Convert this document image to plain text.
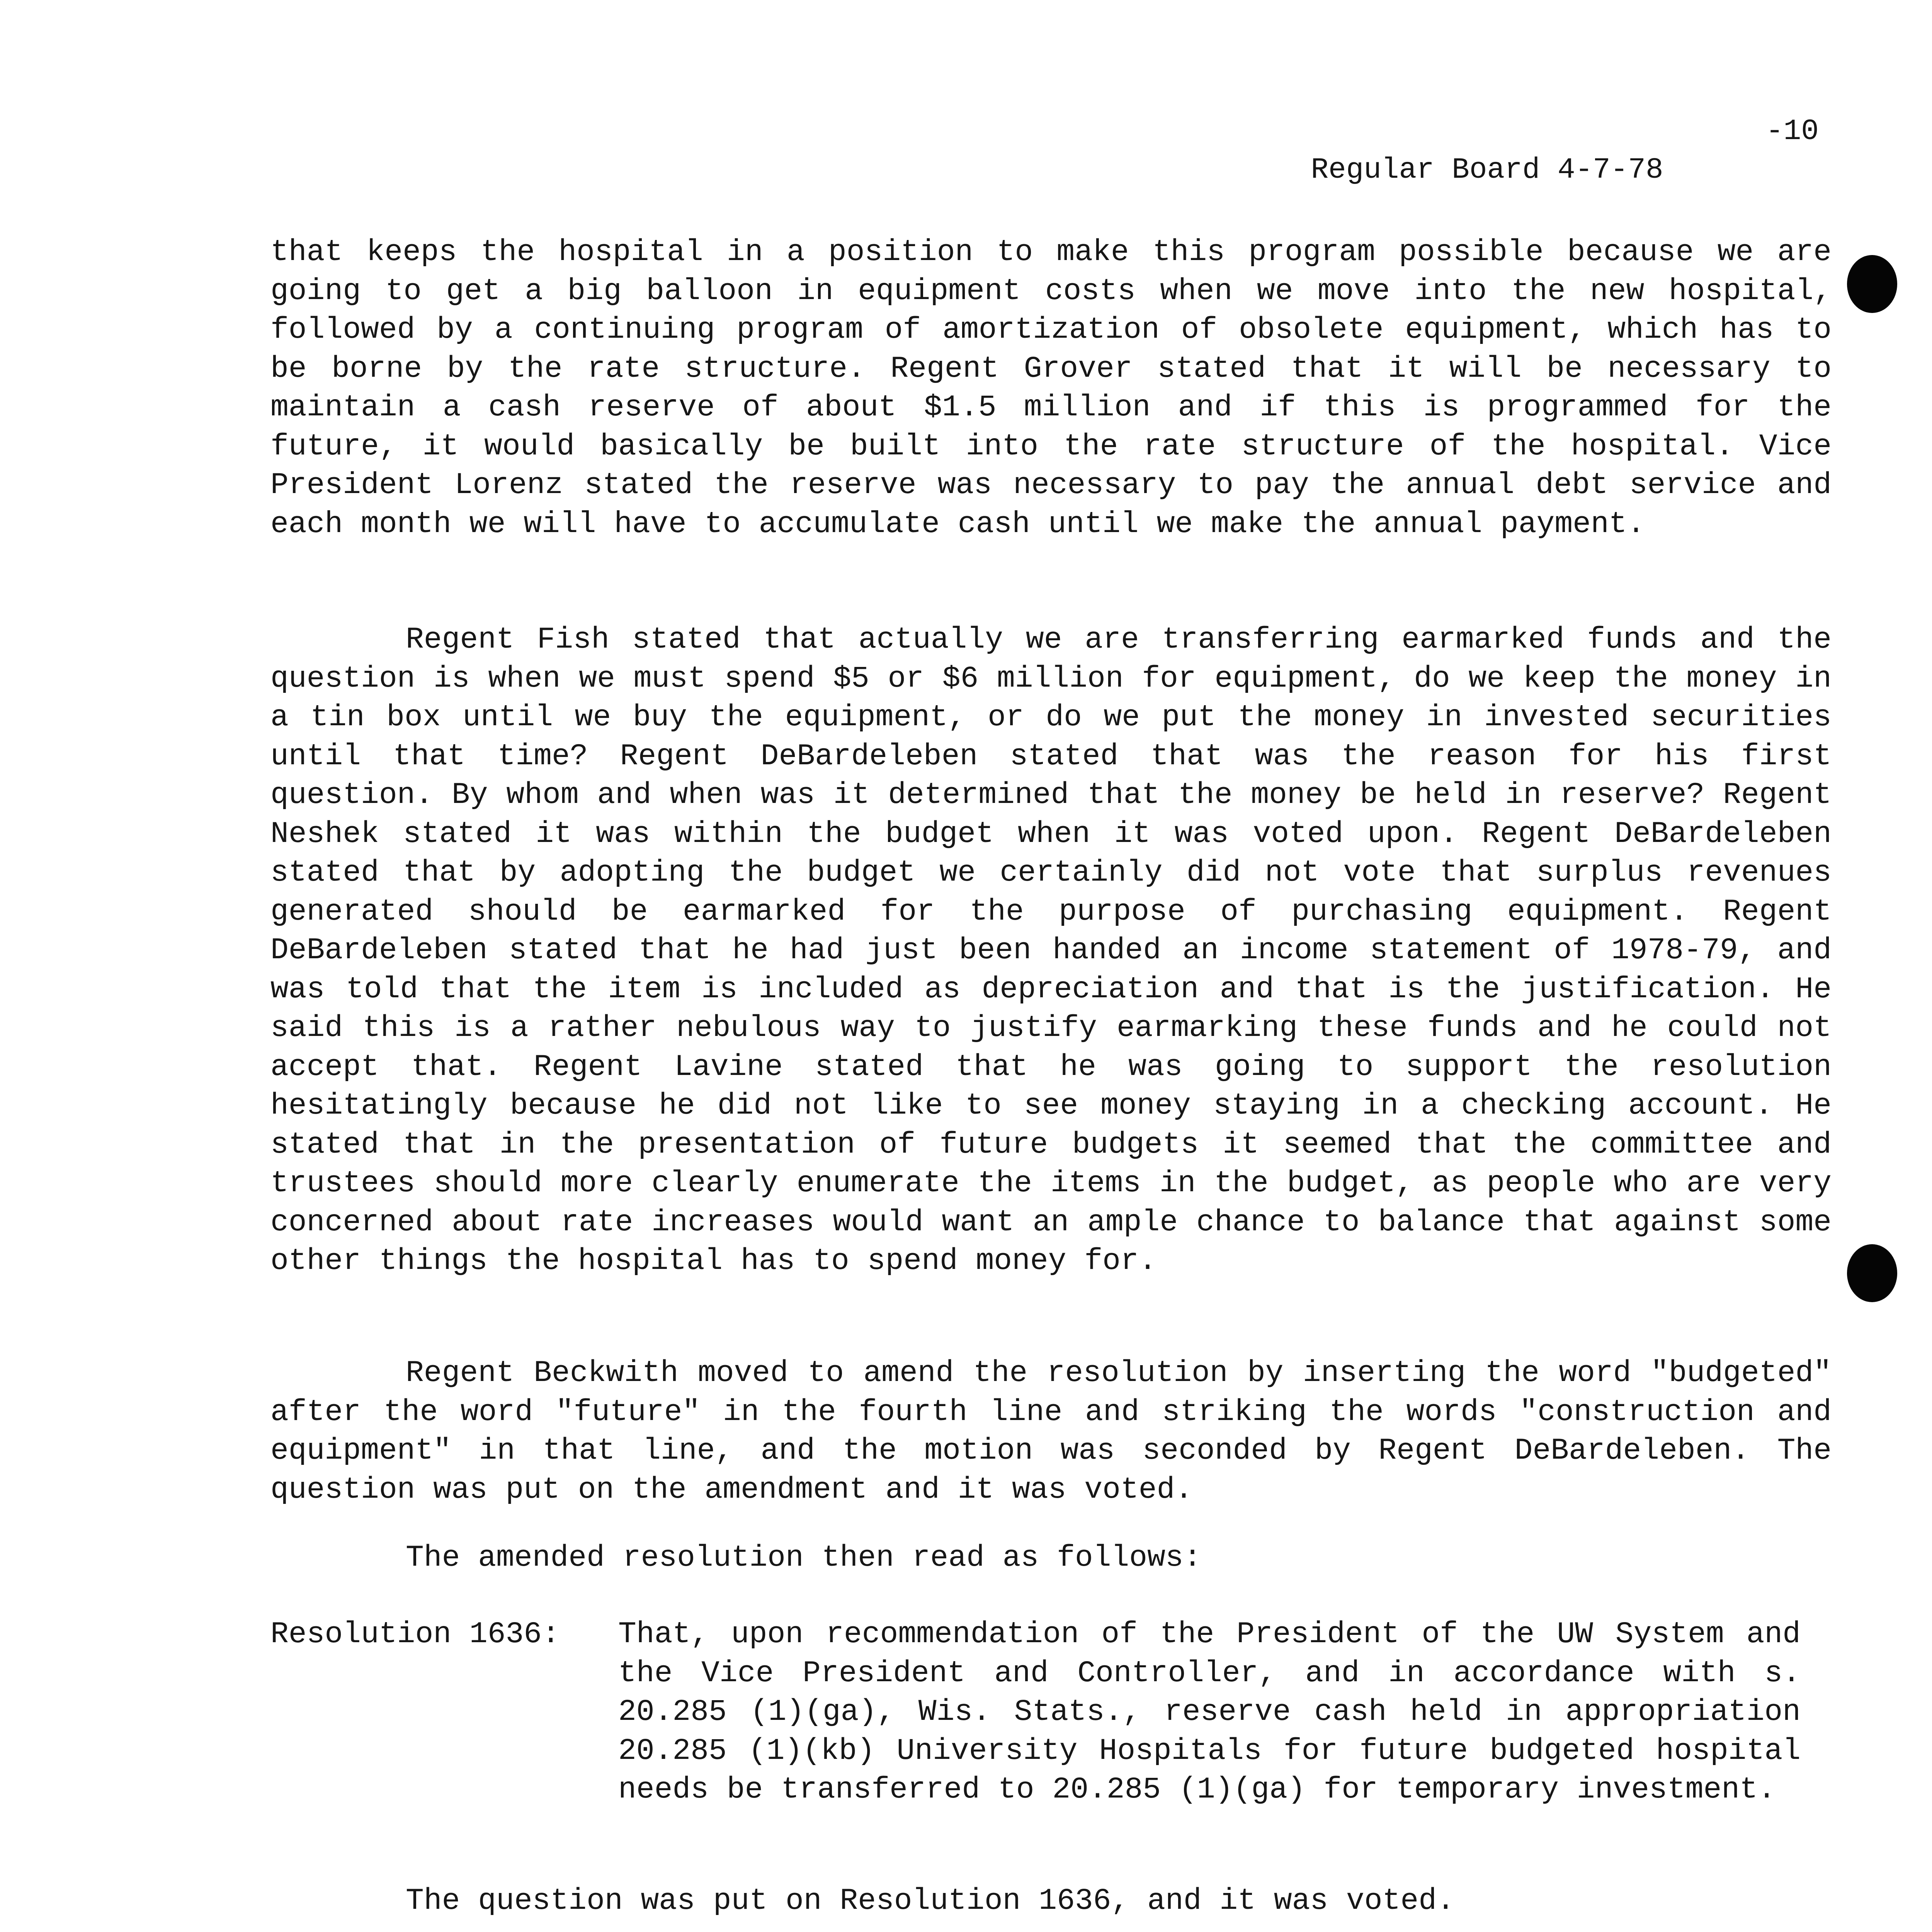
Regular Board 4-7-78

-10

that keeps the hospital in a position to make this program possible because we are going to get a big balloon in equipment costs when we move into the new hospital, followed by a continuing program of amortization of obsolete equipment, which has to be borne by the rate structure. Regent Grover stated that it will be necessary to maintain a cash reserve of about $1.5 million and if this is programmed for the future, it would basically be built into the rate structure of the hospital. Vice President Lorenz stated the reserve was necessary to pay the annual debt service and each month we will have to accumulate cash until we make the annual payment.
Regent Fish stated that actually we are transferring earmarked funds and the question is when we must spend $5 or $6 million for equipment, do we keep the money in a tin box until we buy the equipment, or do we put the money in invested securities until that time? Regent DeBardeleben stated that was the reason for his first question. By whom and when was it determined that the money be held in reserve? Regent Neshek stated it was within the budget when it was voted upon. Regent DeBardeleben stated that by adopting the budget we certainly did not vote that surplus revenues generated should be earmarked for the purpose of purchasing equipment. Regent DeBardeleben stated that he had just been handed an income statement of 1978-79, and was told that the item is included as depreciation and that is the justification. He said this is a rather nebulous way to justify earmarking these funds and he could not accept that. Regent Lavine stated that he was going to support the resolution hesitatingly because he did not like to see money staying in a checking account. He stated that in the presentation of future budgets it seemed that the committee and trustees should more clearly enumerate the items in the budget, as people who are very concerned about rate increases would want an ample chance to balance that against some other things the hospital has to spend money for.
Regent Beckwith moved to amend the resolution by inserting the word "budgeted" after the word "future" in the fourth line and striking the words "construction and equipment" in that line, and the motion was seconded by Regent DeBardeleben. The question was put on the amendment and it was voted.
The amended resolution then read as follows:
Resolution 1636: That, upon recommendation of the President of the UW System and the Vice President and Controller, and in accordance with s. 20.285 (1)(ga), Wis. Stats., reserve cash held in appropriation 20.285 (1)(kb) University Hospitals for future budgeted hospital needs be transferred to 20.285 (1)(ga) for temporary investment.
The question was put on Resolution 1636, and it was voted.
